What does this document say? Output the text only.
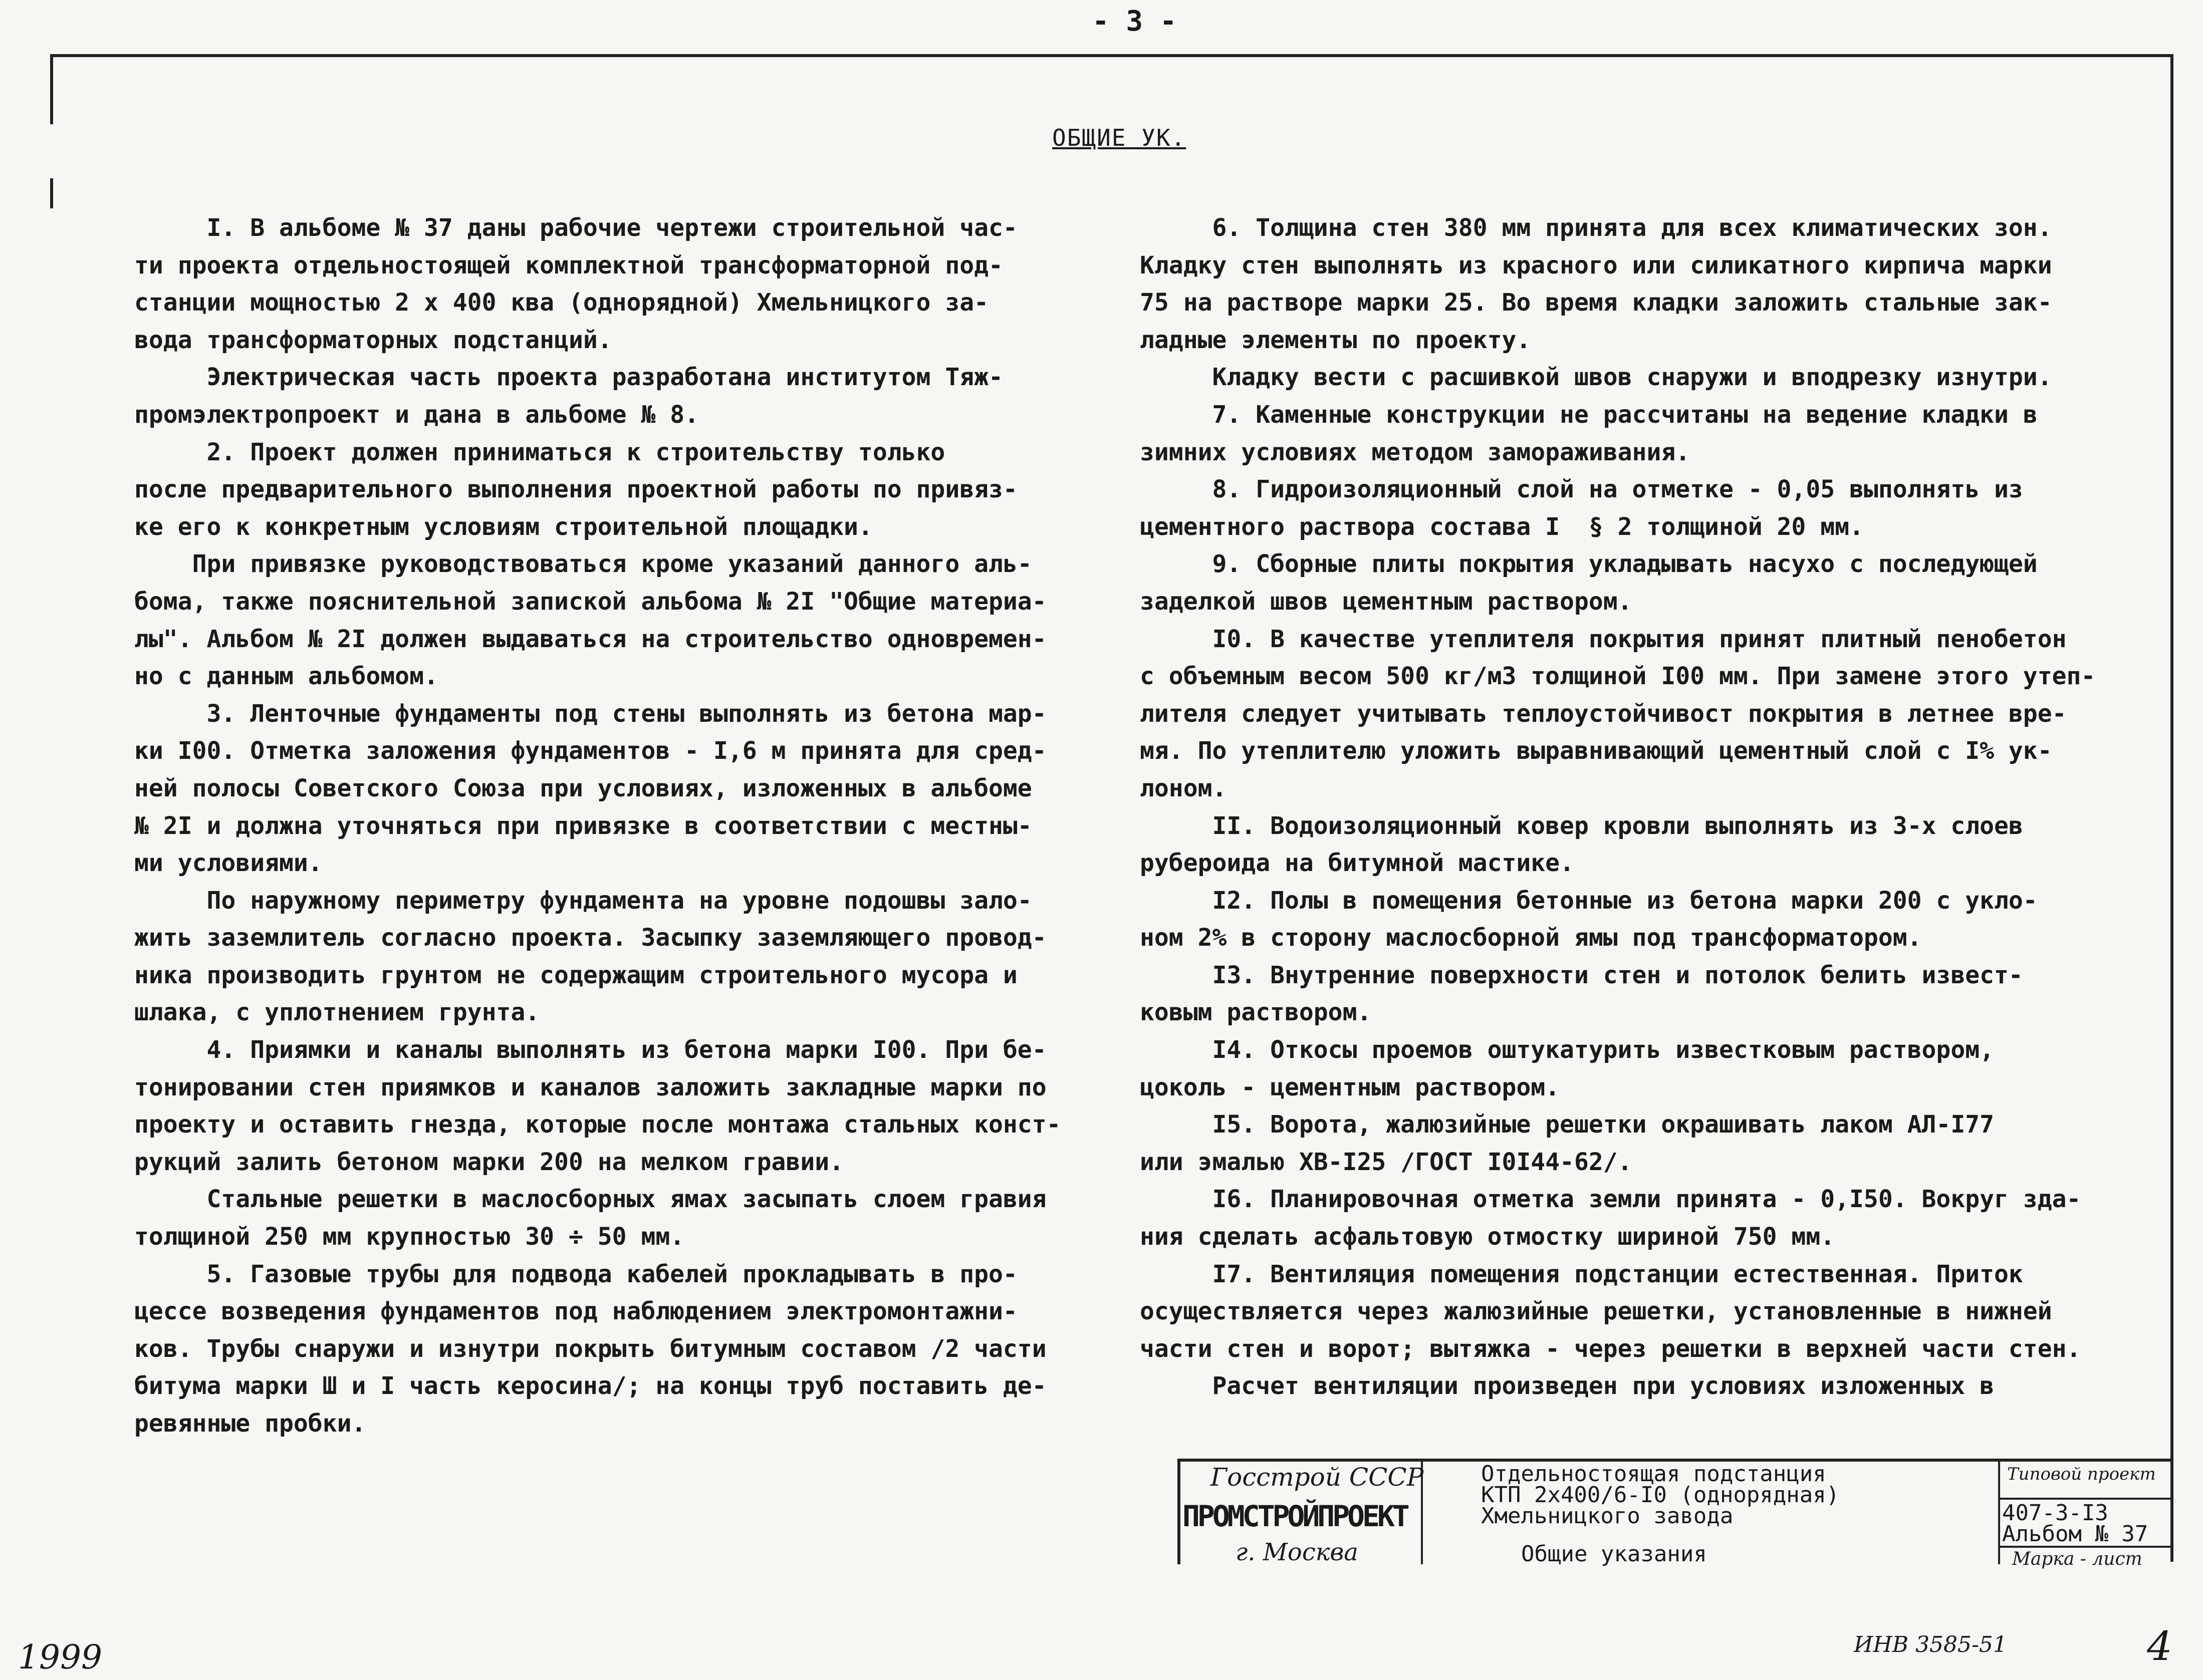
- 3 -
ОБЩИЕ УК.

I. В альбоме № 37 даны рабочие чертежи строительной час-

ти проекта отдельностоящей комплектной трансформаторной под-

станции мощностью 2 х 400 ква (однорядной) Хмельницкого за-

вода трансформаторных подстанций.

Электрическая часть проекта разработана институтом Тяж-

промэлектропроект и дана в альбоме № 8.

2. Проект должен приниматься к строительству только

после предварительного выполнения проектной работы по привяз-

ке его к конкретным условиям строительной площадки.

При привязке руководствоваться кроме указаний данного аль-

бома, также пояснительной запиской альбома № 2I "Общие материа-

лы". Альбом № 2I должен выдаваться на строительство одновремен-

но с данным альбомом.

3. Ленточные фундаменты под стены выполнять из бетона мар-

ки I00. Отметка заложения фундаментов - I,6 м принята для сред-

ней полосы Советского Союза при условиях, изложенных в альбоме

№ 2I и должна уточняться при привязке в соответствии с местны-

ми условиями.

По наружному периметру фундамента на уровне подошвы зало-

жить заземлитель согласно проекта. Засыпку заземляющего провод-

ника производить грунтом не содержащим строительного мусора и

шлака, с уплотнением грунта.

4. Приямки и каналы выполнять из бетона марки I00. При бе-

тонировании стен приямков и каналов заложить закладные марки по

проекту и оставить гнезда, которые после монтажа стальных конст-

рукций залить бетоном марки 200 на мелком гравии.

Стальные решетки в маслосборных ямах засыпать слоем гравия

толщиной 250 мм крупностью 30 ÷ 50 мм.

5. Газовые трубы для подвода кабелей прокладывать в про-

цессе возведения фундаментов под наблюдением электромонтажни-

ков. Трубы снаружи и изнутри покрыть битумным составом /2 части

битума марки Ш и I часть керосина/; на концы труб поставить де-

ревянные пробки.

6. Толщина стен 380 мм принята для всех климатических зон.

Кладку стен выполнять из красного или силикатного кирпича марки

75 на растворе марки 25. Во время кладки заложить стальные зак-

ладные элементы по проекту.

Кладку вести с расшивкой швов снаружи и вподрезку изнутри.

7. Каменные конструкции не рассчитаны на ведение кладки в

зимних условиях методом замораживания.

8. Гидроизоляционный слой на отметке - 0,05 выполнять из

цементного раствора состава I  § 2 толщиной 20 мм.

9. Сборные плиты покрытия укладывать насухо с последующей

заделкой швов цементным раствором.

I0. В качестве утеплителя покрытия принят плитный пенобетон

с объемным весом 500 кг/м3 толщиной I00 мм. При замене этого утеп-

лителя следует учитывать теплоустойчивост покрытия в летнее вре-

мя. По утеплителю уложить выравнивающий цементный слой с I% ук-

лоном.

II. Водоизоляционный ковер кровли выполнять из 3-х слоев

рубероида на битумной мастике.

I2. Полы в помещения бетонные из бетона марки 200 с укло-

ном 2% в сторону маслосборной ямы под трансформатором.

I3. Внутренние поверхности стен и потолок белить извест-

ковым раствором.

I4. Откосы проемов оштукатурить известковым раствором,

цоколь - цементным раствором.

I5. Ворота, жалюзийные решетки окрашивать лаком АЛ-I77

или эмалью ХВ-I25 /ГОСТ I0I44-62/.

I6. Планировочная отметка земли принята - 0,I50. Вокруг зда-

ния сделать асфальтовую отмостку шириной 750 мм.

I7. Вентиляция помещения подстанции естественная. Приток

осуществляется через жалюзийные решетки, установленные в нижней

части стен и ворот; вытяжка - через решетки в верхней части стен.

Расчет вентиляции произведен при условиях изложенных в

Госстрой СССР
ПРОМСТРОЙПРОЕКТ
г. Москва
Отдельностоящая подстанция
КТП 2х400/6-I0 (однорядная)
Хмельницкого завода
Общие указания
Типовой проект
407-3-I3
Альбом № 37
Марка - лист
1999	ИНВ 3585-51	4
